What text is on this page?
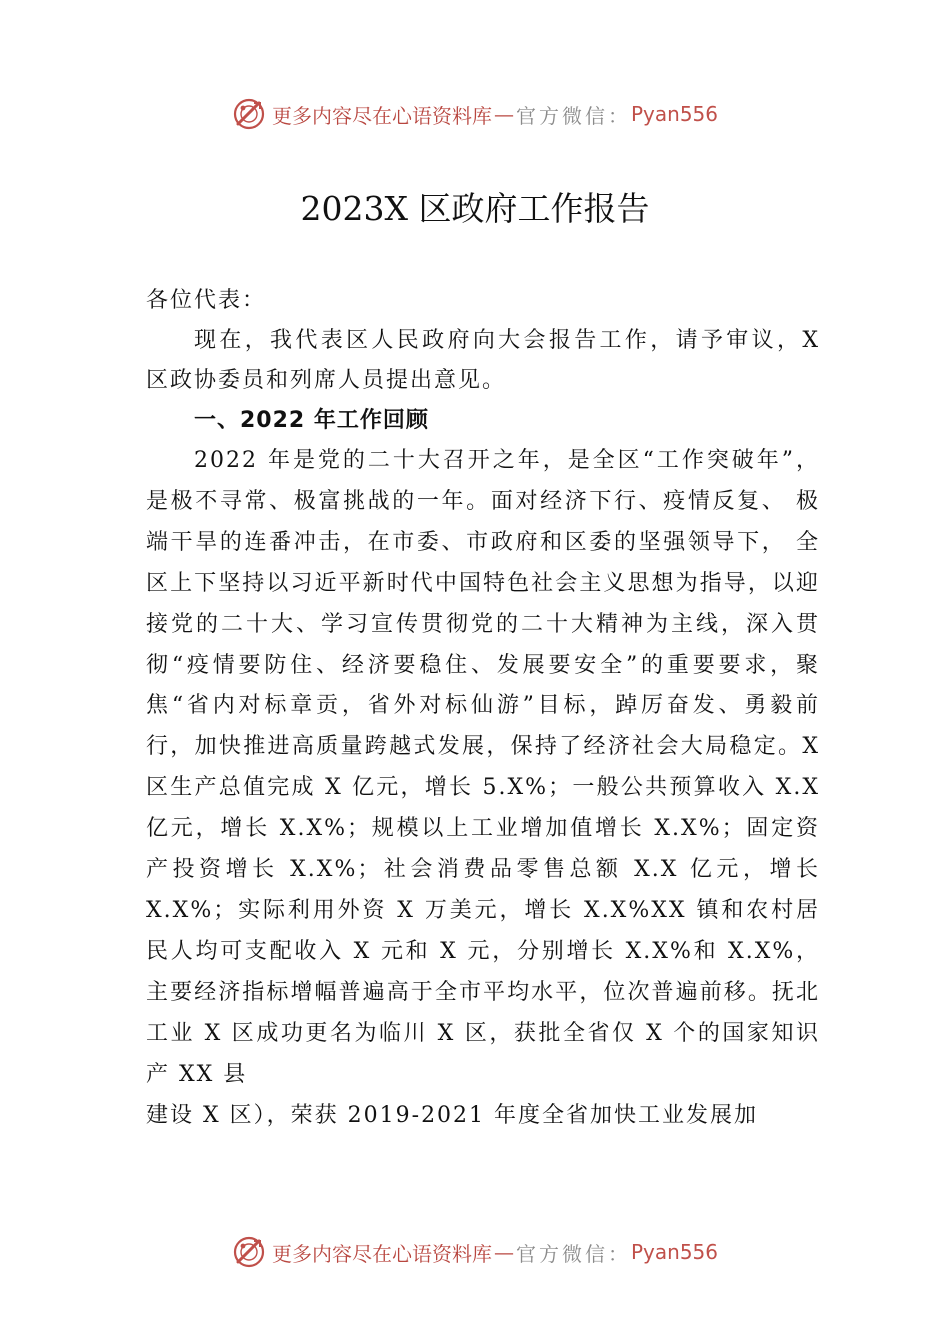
更多内容尽在心语资料库 — 官方微信： Pyan556
2023X 区政府工作报告

各位代表：

现在，我代表区人民政府向大会报告工作，请予审议，X 区政协委员和列席人员提出意见。

一、2022 年工作回顾

2022 年是党的二十大召开之年，是全区“工作突破年”，是极不寻常、极富挑战的一年。面对经济下行、疫情反复、 极端干旱的连番冲击，在市委、市政府和区委的坚强领导下， 全区上下坚持以习近平新时代中国特色社会主义思想为指导，以迎接党的二十大、学习宣传贯彻党的二十大精神为主线，深入贯彻“疫情要防住、经济要稳住、发展要安全”的重要要求，聚焦“省内对标章贡，省外对标仙游”目标，踔厉奋发、勇毅前行，加快推进高质量跨越式发展，保持了经济社会大局稳定。X 区生产总值完成 X 亿元，增长 5.X%；一般公共预算收入 X.X 亿元，增长 X.X%；规模以上工业增加值增长 X.X%；固定资产投资增长 X.X%；社会消费品零售总额 X.X 亿元，增长 X.X%；实际利用外资 X 万美元，增长 X.X%XX 镇和农村居民人均可支配收入 X 元和 X 元，分别增长 X.X%和 X.X%，主要经济指标增幅普遍高于全市平均水平，位次普遍前移。抚北工业 X 区成功更名为临川 X 区，获批全省仅 X 个的国家知识产 XX 县

建设 X 区），荣获 2019-2021 年度全省加快工业发展加

更多内容尽在心语资料库 — 官方微信： Pyan556
